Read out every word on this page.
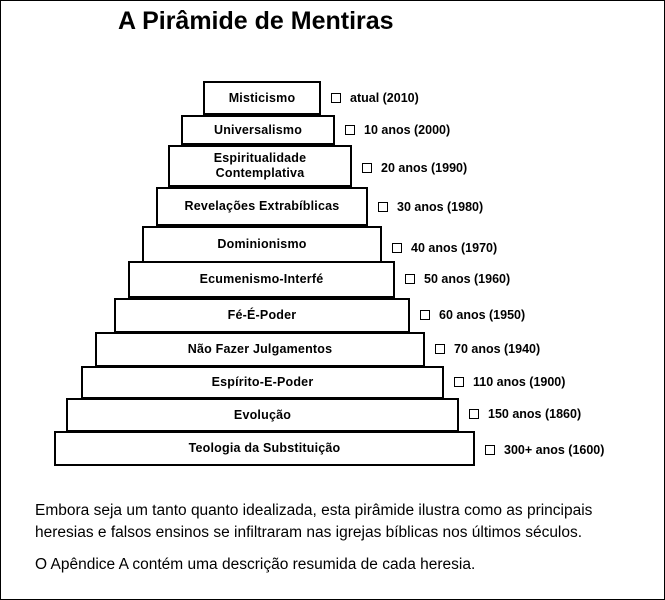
A Pirâmide de Mentiras
Misticismo	atual (2010)
Universalismo	10 anos (2000)
Espiritualidade
Contemplativa	20 anos (1990)
Revelações Extrabíblicas	30 anos (1980)
Dominionismo	40 anos (1970)
Ecumenismo-Interfé	50 anos (1960)
Fé-É-Poder	60 anos (1950)
Não Fazer Julgamentos	70 anos (1940)
Espírito-E-Poder	110 anos (1900)
Evolução	150 anos (1860)
Teologia da Substituição	300+ anos (1600)
Embora seja um tanto quanto idealizada, esta pirâmide ilustra como as principais heresias e falsos ensinos se infiltraram nas igrejas bíblicas nos últimos séculos.
O Apêndice A contém uma descrição resumida de cada heresia.
